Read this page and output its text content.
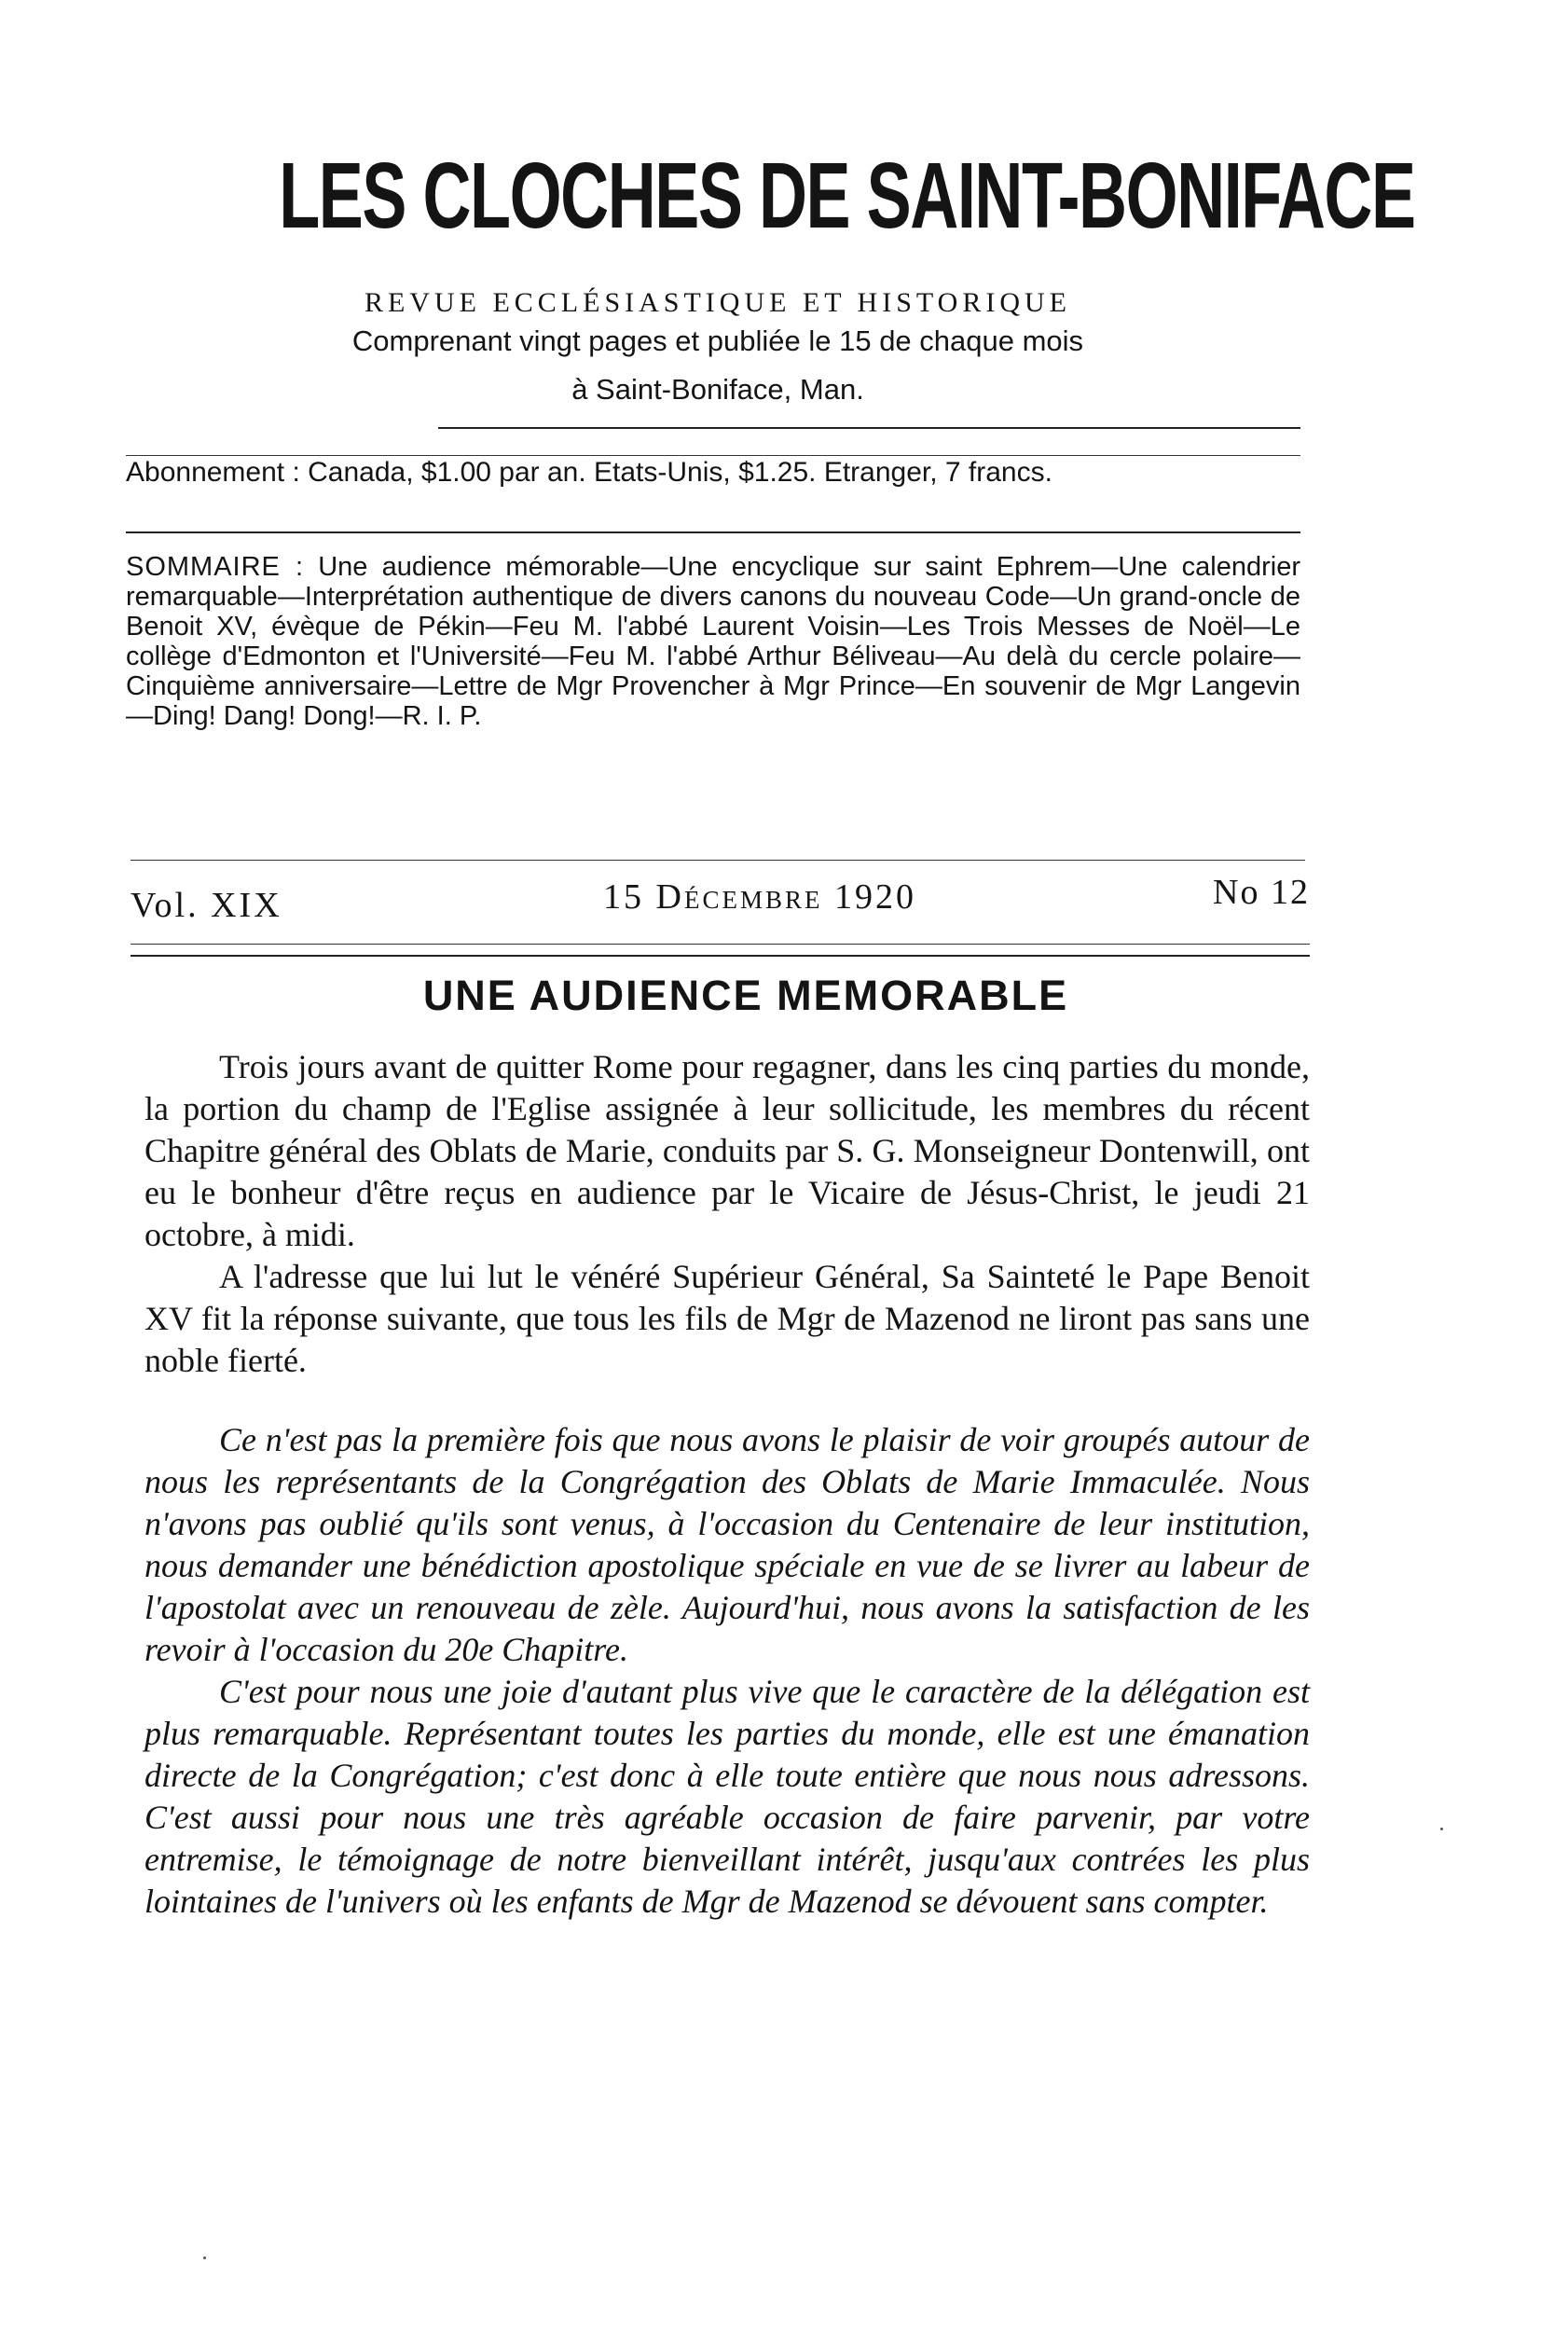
LES CLOCHES DE SAINT-BONIFACE
REVUE ECCLÉSIASTIQUE ET HISTORIQUE
Comprenant vingt pages et publiée le 15 de chaque mois
à Saint-Boniface, Man.
Abonnement : Canada, $1.00 par an. Etats-Unis, $1.25. Etranger, 7 francs.
SOMMAIRE : Une audience mémorable—Une encyclique sur saint Ephrem—Une calendrier remarquable—Interprétation authentique de divers canons du nouveau Code—Un grand-oncle de Benoit XV, évèque de Pékin—Feu M. l'abbé Laurent Voisin—Les Trois Messes de Noël—Le collège d'Edmonton et l'Université—Feu M. l'abbé Arthur Béliveau—Au delà du cercle polaire—Cinquième anniversaire—Lettre de Mgr Provencher à Mgr Prince—En souvenir de Mgr Langevin—Ding! Dang! Dong!—R. I. P.
Vol. XIX	15 Décembre 1920	No 12
UNE AUDIENCE MEMORABLE

Trois jours avant de quitter Rome pour regagner, dans les cinq parties du monde, la portion du champ de l'Eglise assignée à leur sollicitude, les membres du récent Chapitre général des Oblats de Marie, conduits par S. G. Monseigneur Dontenwill, ont eu le bonheur d'être reçus en audience par le Vicaire de Jésus-Christ, le jeudi 21 octobre, à midi.

A l'adresse que lui lut le vénéré Supérieur Général, Sa Sainteté le Pape Benoit XV fit la réponse suivante, que tous les fils de Mgr de Mazenod ne liront pas sans une noble fierté.

Ce n'est pas la première fois que nous avons le plaisir de voir groupés autour de nous les représentants de la Congrégation des Oblats de Marie Immaculée. Nous n'avons pas oublié qu'ils sont venus, à l'occasion du Centenaire de leur institution, nous demander une bénédiction apostolique spéciale en vue de se livrer au labeur de l'apostolat avec un renouveau de zèle. Aujourd'hui, nous avons la satisfaction de les revoir à l'occasion du 20e Chapitre.

C'est pour nous une joie d'autant plus vive que le caractère de la délégation est plus remarquable. Représentant toutes les parties du monde, elle est une émanation directe de la Congrégation; c'est donc à elle toute entière que nous nous adressons. C'est aussi pour nous une très agréable occasion de faire parvenir, par votre entremise, le témoignage de notre bienveillant intérêt, jusqu'aux contrées les plus lointaines de l'univers où les enfants de Mgr de Mazenod se dévouent sans compter.
